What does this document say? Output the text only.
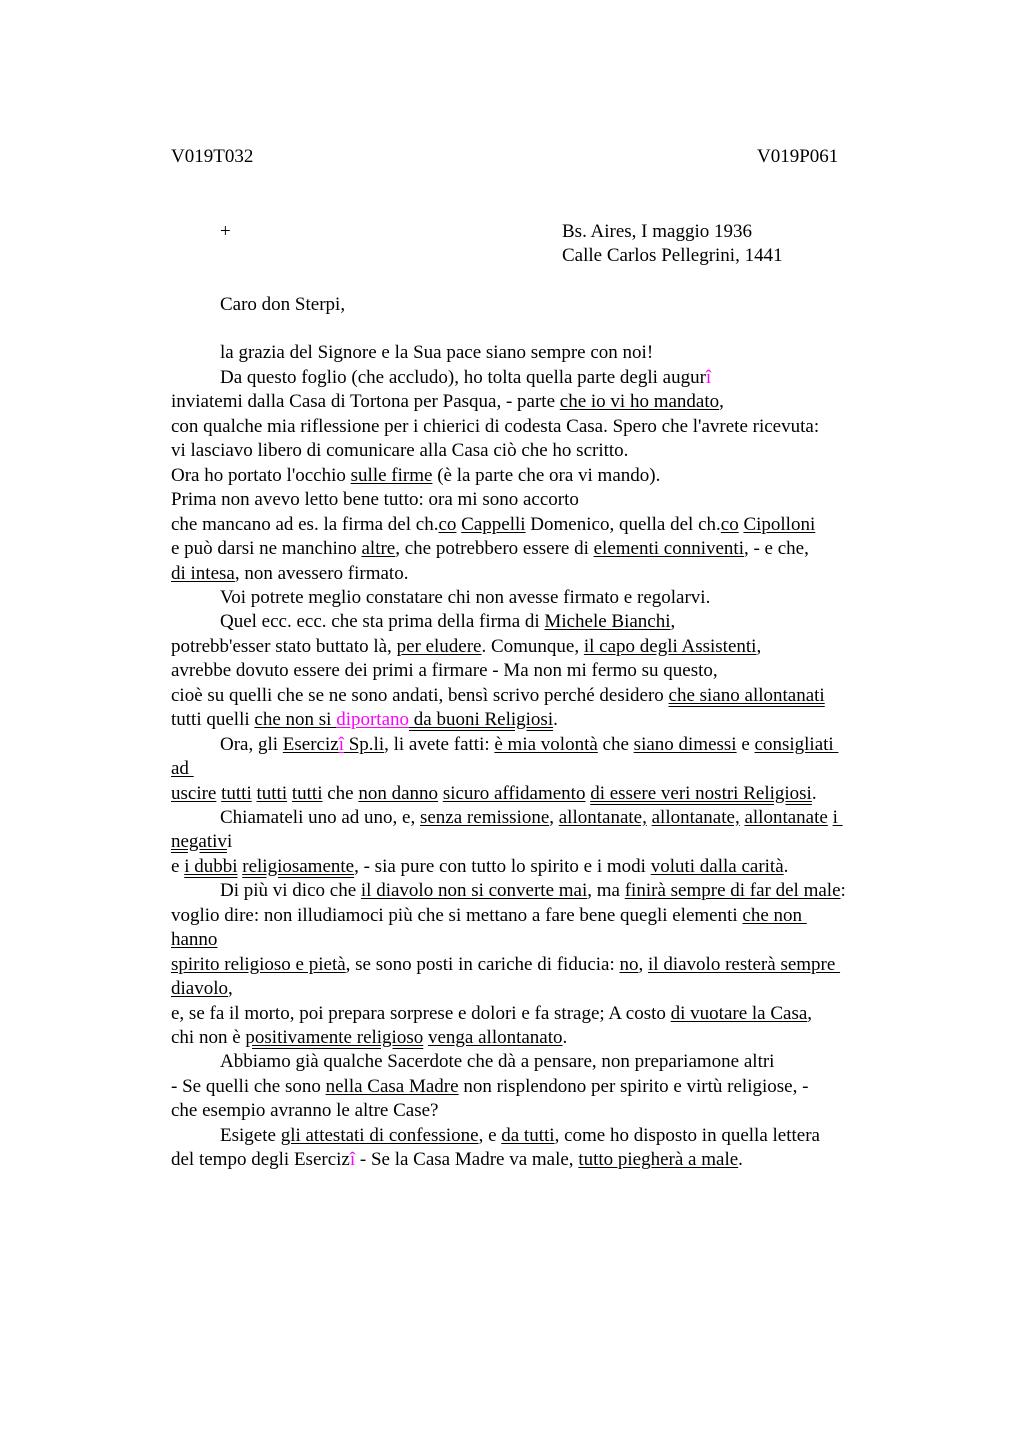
V019T032	V019P061
+	Bs. Aires, I maggio 1936
Calle Carlos Pellegrini, 1441
Caro don Sterpi,
la grazia del Signore e la Sua pace siano sempre con noi!
Da questo foglio (che accludo), ho tolta quella parte degli augurî
inviatemi dalla Casa di Tortona per Pasqua, - parte che io vi ho mandato,
con qualche mia riflessione per i chierici di codesta Casa. Spero che l'avrete ricevuta:
vi lasciavo libero di comunicare alla Casa ciò che ho scritto.
Ora ho portato l'occhio sulle firme (è la parte che ora vi mando).
Prima non avevo letto bene tutto: ora mi sono accorto
che mancano ad es. la firma del ch.co Cappelli Domenico, quella del ch.co Cipolloni
e può darsi ne manchino altre, che potrebbero essere di elementi conniventi, - e che,
di intesa, non avessero firmato.
Voi potrete meglio constatare chi non avesse firmato e regolarvi.
Quel ecc. ecc. che sta prima della firma di Michele Bianchi,
potrebb'esser stato buttato là, per eludere. Comunque, il capo degli Assistenti,
avrebbe dovuto essere dei primi a firmare - Ma non mi fermo su questo,
cioè su quelli che se ne sono andati, bensì scrivo perché desidero che siano allontanati
tutti quelli che non si diportano da buoni Religiosi.
Ora, gli Esercizî Sp.li, li avete fatti: è mia volontà che siano dimessi e consigliati
ad
uscire tutti tutti tutti che non danno sicuro affidamento di essere veri nostri Religiosi.
Chiamateli uno ad uno, e, senza remissione, allontanate, allontanate, allontanate i
negativi
e i dubbi religiosamente, - sia pure con tutto lo spirito e i modi voluti dalla carità.
Di più vi dico che il diavolo non si converte mai, ma finirà sempre di far del male:
voglio dire: non illudiamoci più che si mettano a fare bene quegli elementi che non
hanno
spirito religioso e pietà, se sono posti in cariche di fiducia: no, il diavolo resterà sempre
diavolo,
e, se fa il morto, poi prepara sorprese e dolori e fa strage; A costo di vuotare la Casa,
chi non è positivamente religioso venga allontanato.
Abbiamo già qualche Sacerdote che dà a pensare, non prepariamone altri
- Se quelli che sono nella Casa Madre non risplendono per spirito e virtù religiose, -
che esempio avranno le altre Case?
Esigete gli attestati di confessione, e da tutti, come ho disposto in quella lettera
del tempo degli Esercizî - Se la Casa Madre va male, tutto piegherà a male.
